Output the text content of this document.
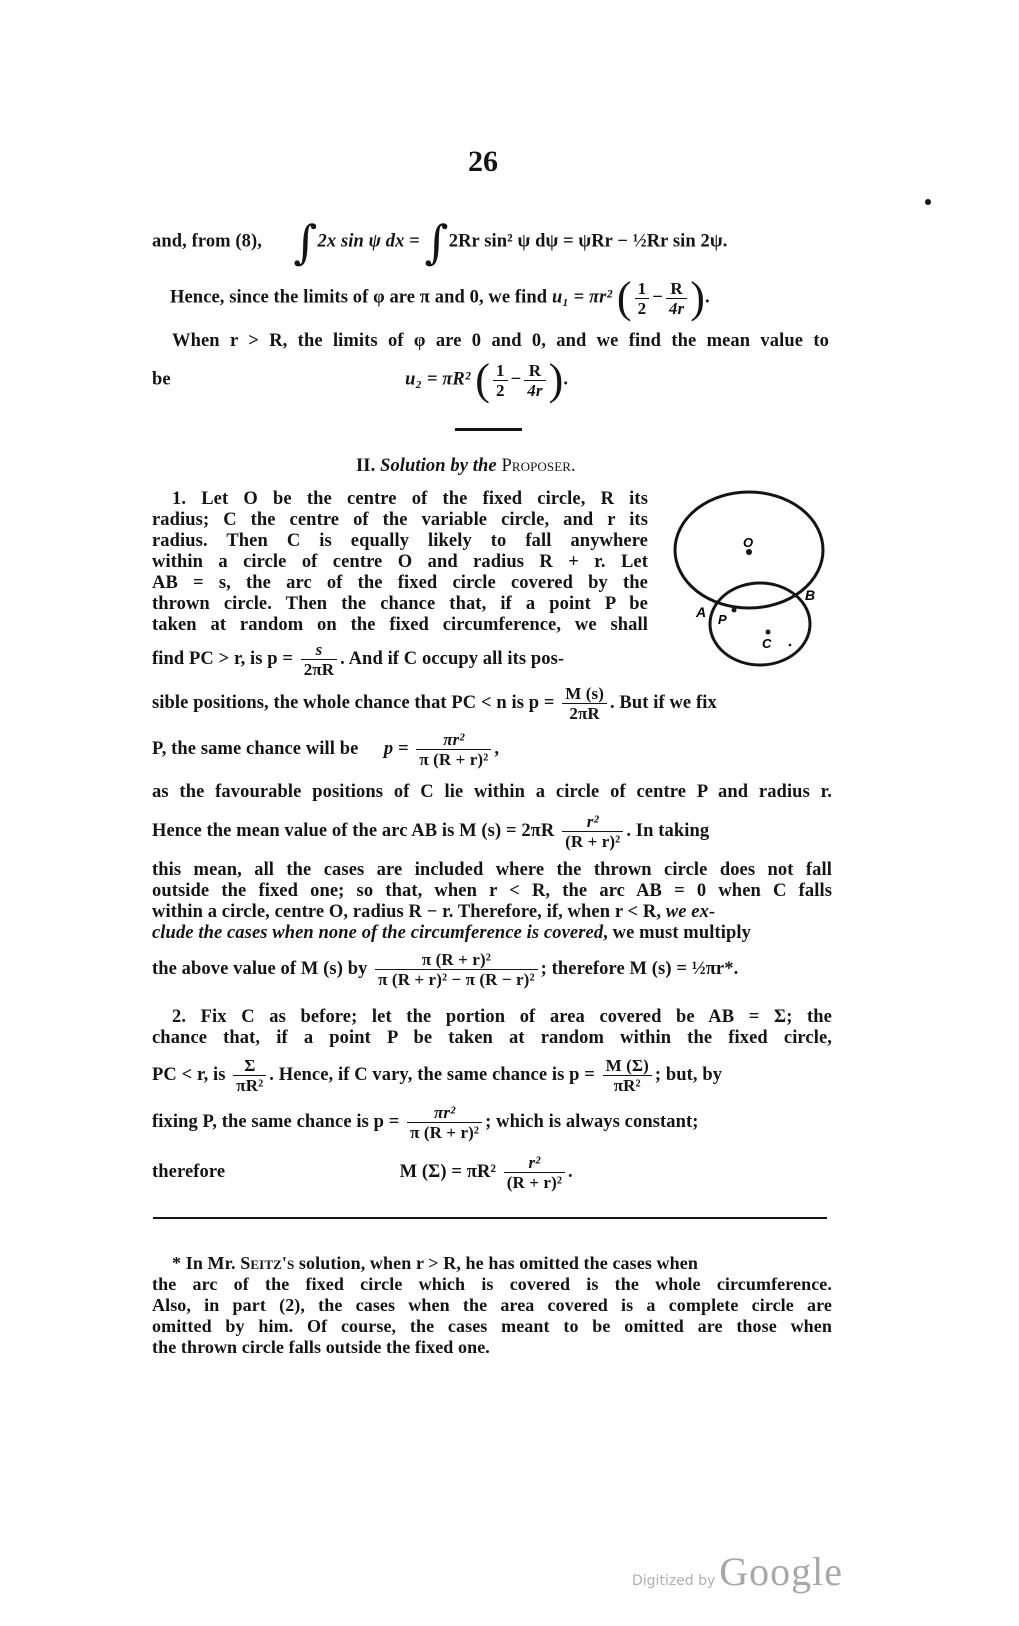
26
and, from (8), ∫2x sin ψ dx = ∫2Rr sin² ψ dψ = ψRr − ½Rr sin 2ψ.
Hence, since the limits of φ are π and 0, we find u₁ = πr² ( $\frac{1}{2} - \frac{R}{4r}$ ).
When r > R, the limits of φ are 0 and 0, and we find the mean value to
be	u₂ = πR² ( $\frac{1}{2} - \frac{R}{4r}$ ).
II. Solution by the Proposer.
1. Let O be the centre of the fixed circle, R its
radius; C the centre of the variable circle, and r its
radius. Then C is equally likely to fall anywhere
within a circle of centre O and radius R + r. Let
AB = s, the arc of the fixed circle covered by the
thrown circle. Then the chance that, if a point P be
taken at random on the fixed circumference, we shall
find PC > r, is $p = \frac{s}{2\pi R}$ . And if C occupy all its pos-
O
A
B
P
C
sible positions, the whole chance that PC < n is $p = \frac{M (s)}{2\pi R}$ . But if we fix
P, the same chance will be $p = \frac{\text{πr²}}{\text{π (R + r)²}}$ ,
as the favourable positions of C lie within a circle of centre P and radius r.
Hence the mean value of the arc AB is M $(s) = 2\pi R \frac{\text{r²}}{\text{(R + r)²}}$ . In taking
this mean, all the cases are included where the thrown circle does not fall
outside the fixed one; so that, when r < R, the arc AB = 0 when C falls
within a circle, centre O, radius R − r. Therefore, if, when r < R, we ex-
clude the cases when none of the circumference is covered, we must multiply
the above value of M (s) by $\frac{\text{π (R + r)²}}{\text{π (R + r)² − π (R − r)²}}$ ; therefore M (s) = ½πr*.
2. Fix C as before; let the portion of area covered be AB = Σ; the
chance that, if a point P be taken at random within the fixed circle,
PC < r, is $\frac{\Sigma}{\text{πR²}}$ . Hence, if C vary, the same chance is $p = \frac{M (\Sigma)}{\text{πR²}}$ ; but, by
fixing P, the same chance is $p = \frac{\text{πr²}}{\text{π (R + r)²}}$ ; which is always constant;
therefore	M $(\Sigma) = \pi R^2 \frac{\text{r²}}{\text{(R + r)²}}$ .
* In Mr. Seitz's solution, when r > R, he has omitted the cases when
the arc of the fixed circle which is covered is the whole circumference.
Also, in part (2), the cases when the area covered is a complete circle are
omitted by him. Of course, the cases meant to be omitted are those when
the thrown circle falls outside the fixed one.
Digitized by Google
